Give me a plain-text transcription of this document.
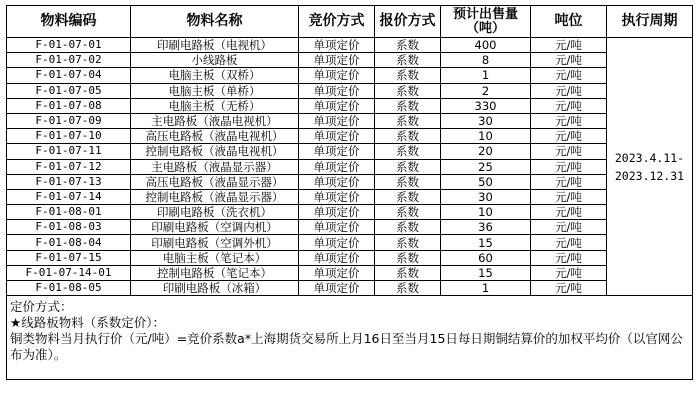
物料编码	物料名称	竞价方式	报价方式	预计出售量（吨）	吨位	执行周期
F-01-07-01	印刷电路板（电视机）	单项定价	系数	400	元/吨	2023.4.11-2023.12.31
F-01-07-02	小线路板	单项定价	系数	8	元/吨	
F-01-07-04	电脑主板（双桥）	单项定价	系数	1	元/吨	
F-01-07-05	电脑主板（单桥）	单项定价	系数	2	元/吨	
F-01-07-08	电脑主板（无桥）	单项定价	系数	330	元/吨	
F-01-07-09	主电路板（液晶电视机）	单项定价	系数	30	元/吨	
F-01-07-10	高压电路板（液晶电视机）	单项定价	系数	10	元/吨	
F-01-07-11	控制电路板（液晶电视机）	单项定价	系数	20	元/吨	
F-01-07-12	主电路板（液晶显示器）	单项定价	系数	25	元/吨	
F-01-07-13	高压电路板（液晶显示器）	单项定价	系数	50	元/吨	
F-01-07-14	控制电路板（液晶显示器）	单项定价	系数	30	元/吨	
F-01-08-01	印刷电路板（洗衣机）	单项定价	系数	10	元/吨	
F-01-08-03	印刷电路板（空调内机）	单项定价	系数	36	元/吨	
F-01-08-04	印刷电路板（空调外机）	单项定价	系数	15	元/吨	
F-01-07-15	电脑主板（笔记本）	单项定价	系数	60	元/吨	
F-01-07-14-01	控制电路板（笔记本）	单项定价	系数	15	元/吨	
F-01-08-05	印刷电路板（冰箱）	单项定价	系数	1	元/吨	

定价方式：
★线路板物料（系数定价）：
铜类物料当月执行价（元/吨）=竞价系数a*上海期货交易所上月16日至当月15日每日期铜结算价的加权平均价（以官网公布为准）。						
